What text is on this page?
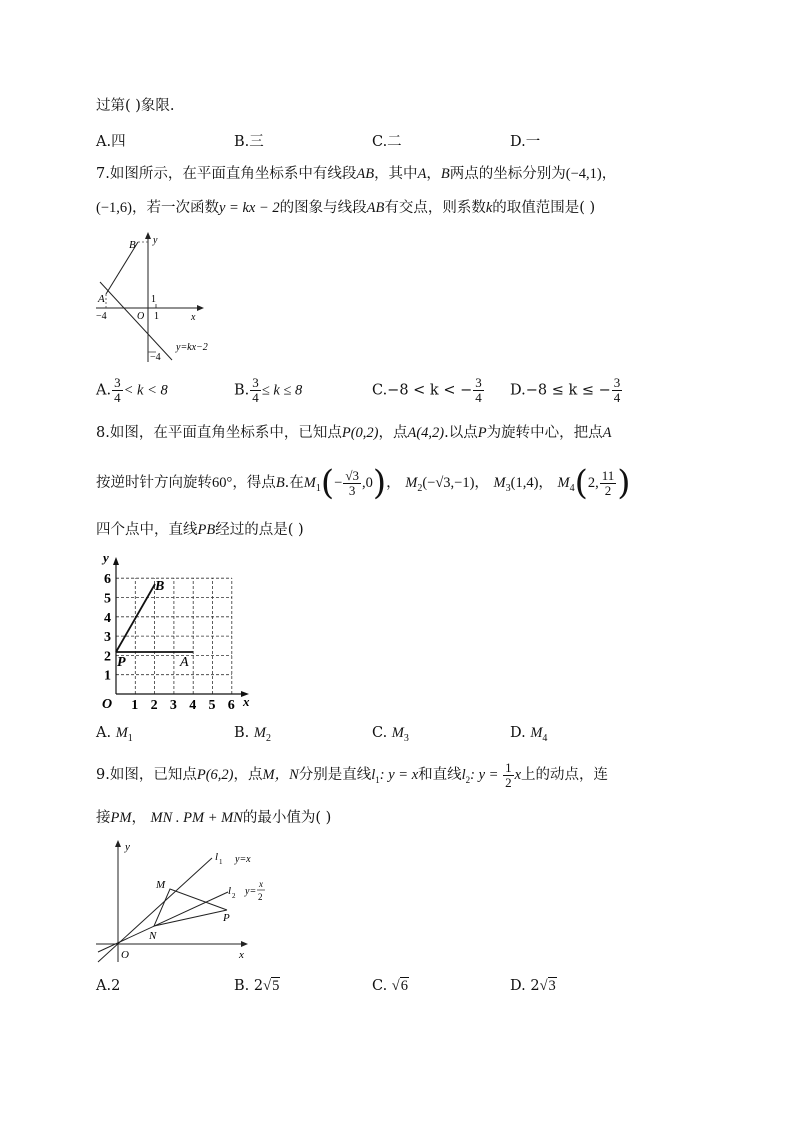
过第( )象限.
A.四	B.三	C.二	D.一
7.如图所示，在平面直角坐标系中有线段AB，其中A，B两点的坐标分别为(−4,1)，
(−1,6)，若一次函数y = kx − 2的图象与线段AB有交点，则系数k的取值范围是( )
B
A
y
x
O
−4	1
1
−4
y=kx−2
A. $\frac{3}{4} < k < 8$	B. $\frac{3}{4} \le k \le 8$	C.−8 < k < − $\frac{3}{4} D.-8 \le k$ ≤ − $\frac{3}{4}$
8.如图，在平面直角坐标系中，已知点P(0,2)，点A(4,2).以点P为旋转中心，把点A
按逆时针方向旋转60°，得点B.在$M_1(- \frac{√3}{3} ,0)$， $M_2(-√3,-1)$， $M_3(1,4)$， $M_4(2$, $\frac{11}{2}$ )
四个点中，直线PB经过的点是( )
1 2 3 4 5 6
1
2
3
4
5
6
y
x
O
P	A
B
A. $M_1$	B. $M_2$	C. $M_3$	D. $M_4$
9.如图，已知点P(6,2)，点M，N分别是直线$l_1$: y = x和直线$l_2$: $y = \frac{1}{2}$ x上的动点，连
接PM， MN . PM + MN的最小值为( )
y
x
O
M
N
P
l 1 y=x
l 2 y=
x
2
A.2	B. 2√5	C. √6	D. 2√3
